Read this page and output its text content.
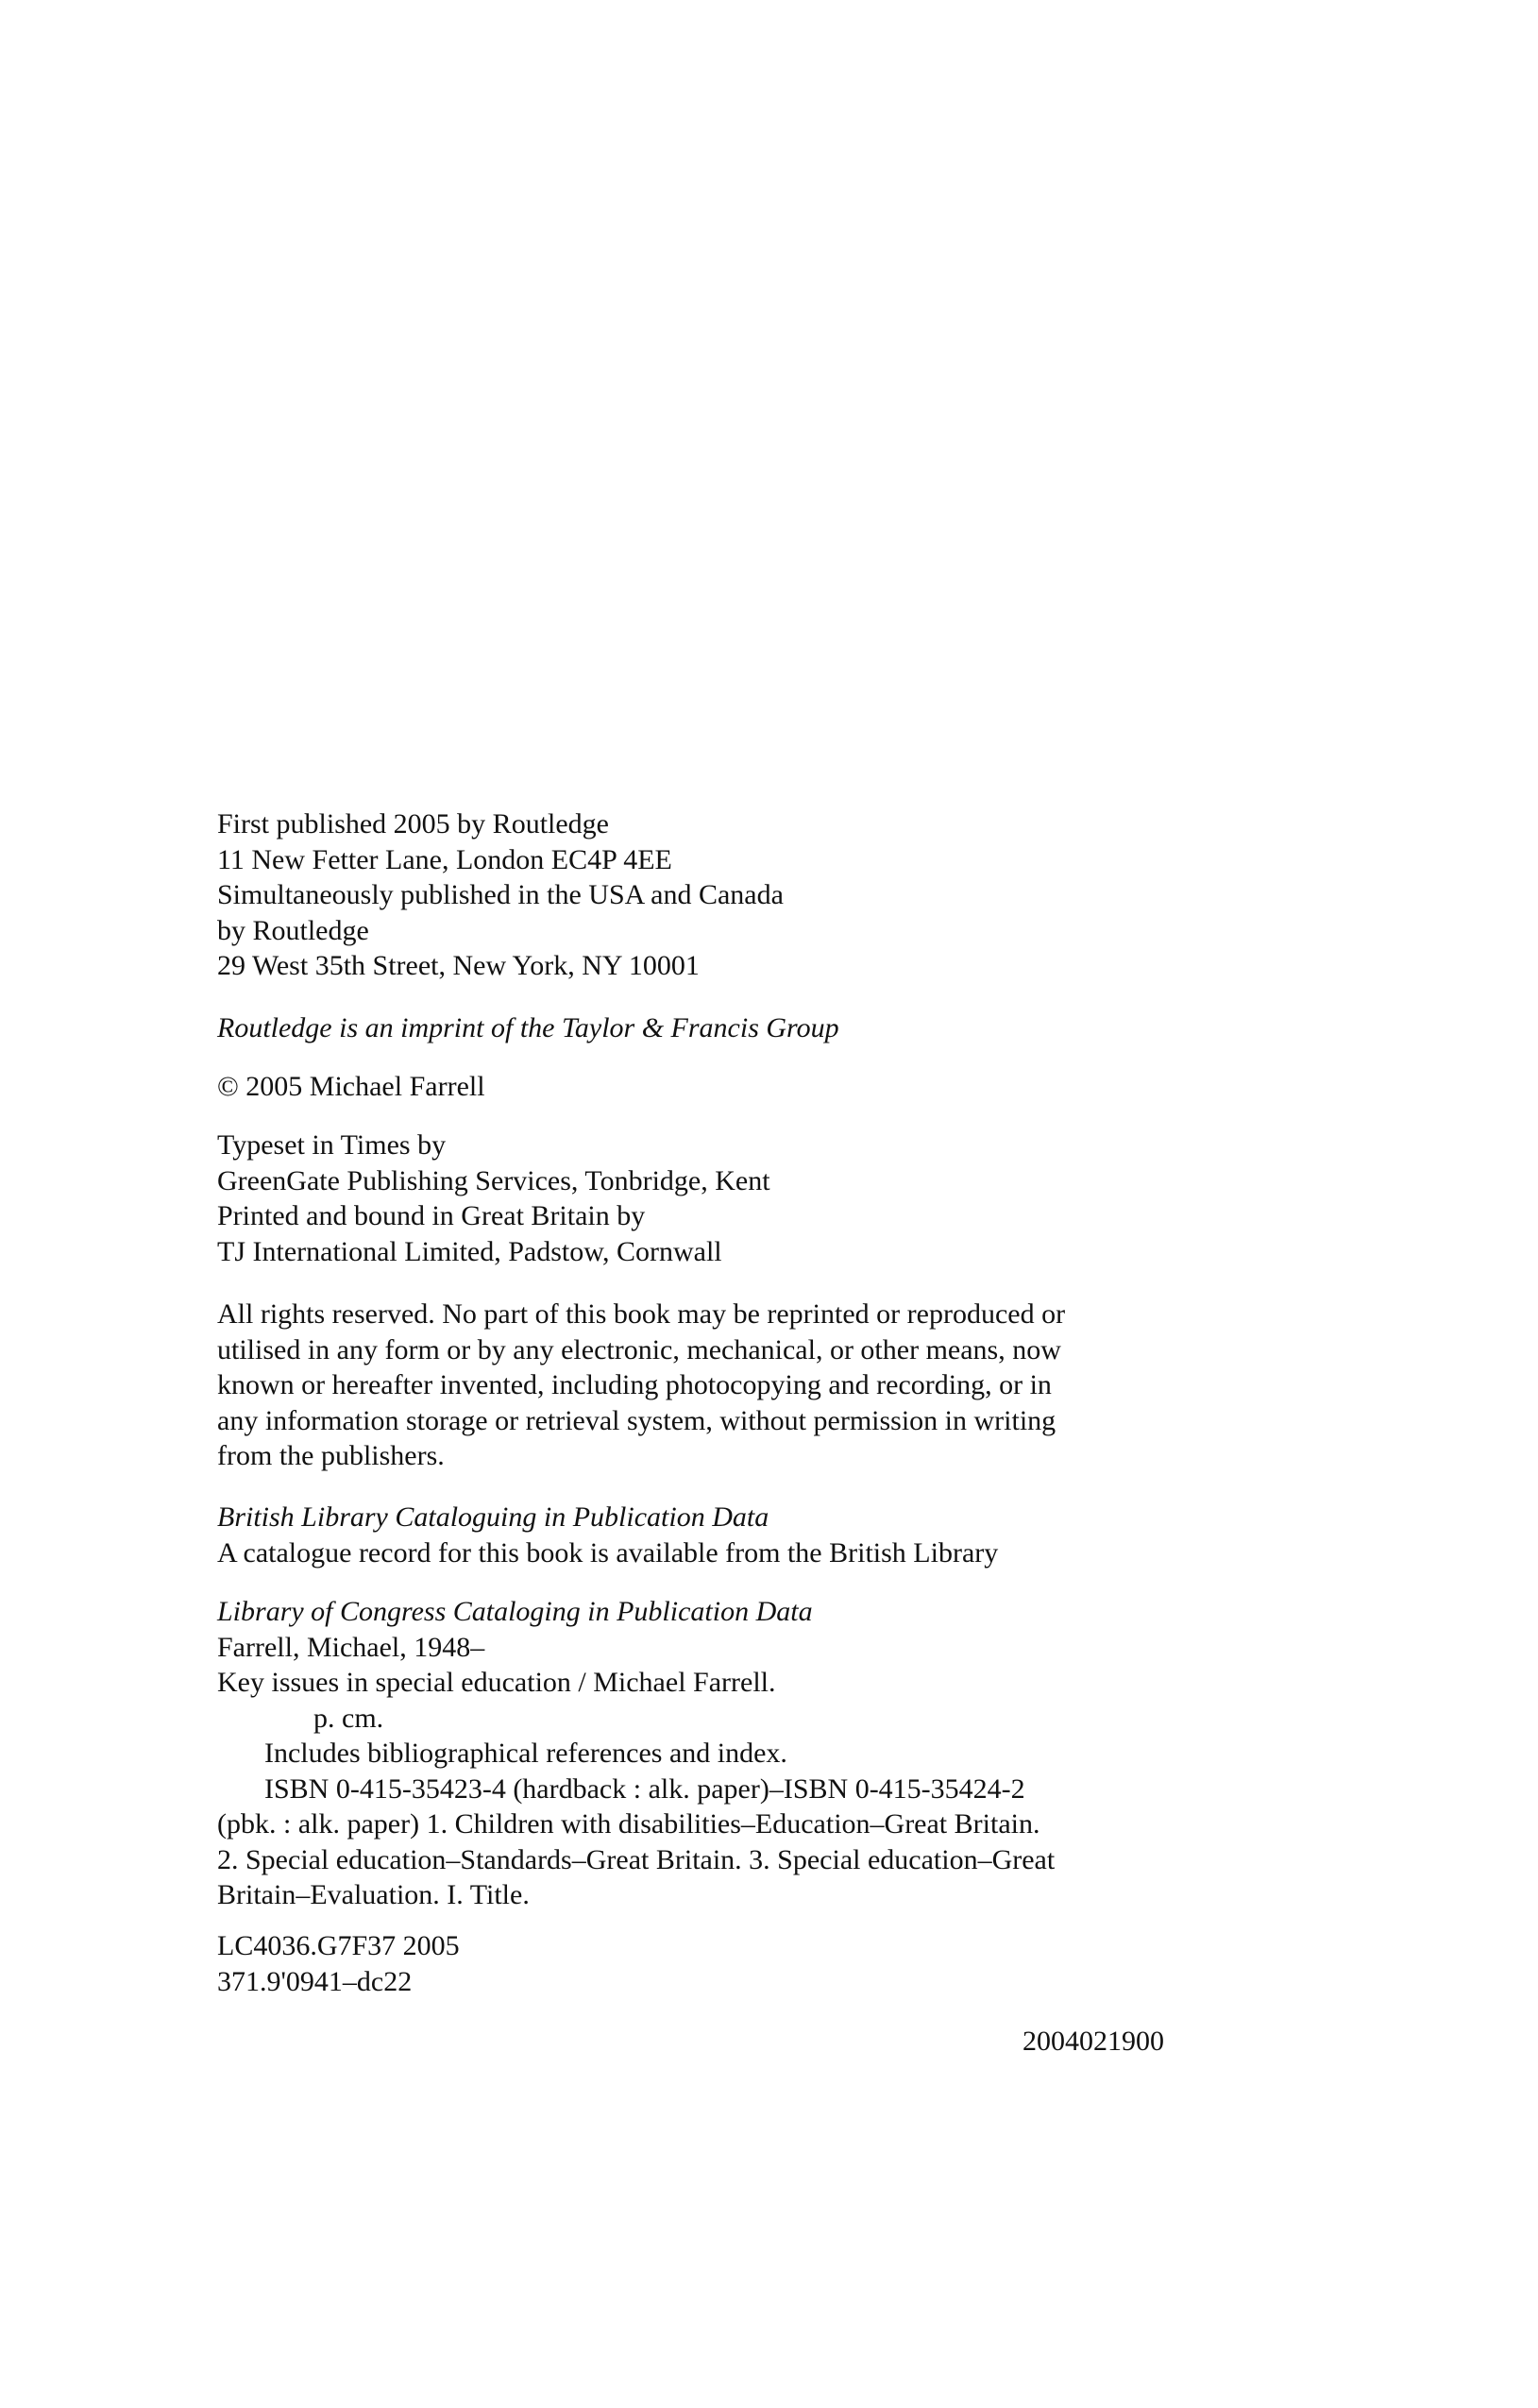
First published 2005 by Routledge
11 New Fetter Lane, London EC4P 4EE
Simultaneously published in the USA and Canada
by Routledge
29 West 35th Street, New York, NY 10001
Routledge is an imprint of the Taylor & Francis Group
© 2005 Michael Farrell
Typeset in Times by
GreenGate Publishing Services, Tonbridge, Kent
Printed and bound in Great Britain by
TJ International Limited, Padstow, Cornwall
All rights reserved. No part of this book may be reprinted or reproduced or
utilised in any form or by any electronic, mechanical, or other means, now
known or hereafter invented, including photocopying and recording, or in
any information storage or retrieval system, without permission in writing
from the publishers.
British Library Cataloguing in Publication Data
A catalogue record for this book is available from the British Library
Library of Congress Cataloging in Publication Data
Farrell, Michael, 1948–
Key issues in special education / Michael Farrell.
p. cm.
Includes bibliographical references and index.
ISBN 0-415-35423-4 (hardback : alk. paper)–ISBN 0-415-35424-2
(pbk. : alk. paper) 1. Children with disabilities–Education–Great Britain.
2. Special education–Standards–Great Britain. 3. Special education–Great
Britain–Evaluation. I. Title.
LC4036.G7F37 2005
371.9'0941–dc22
2004021900
